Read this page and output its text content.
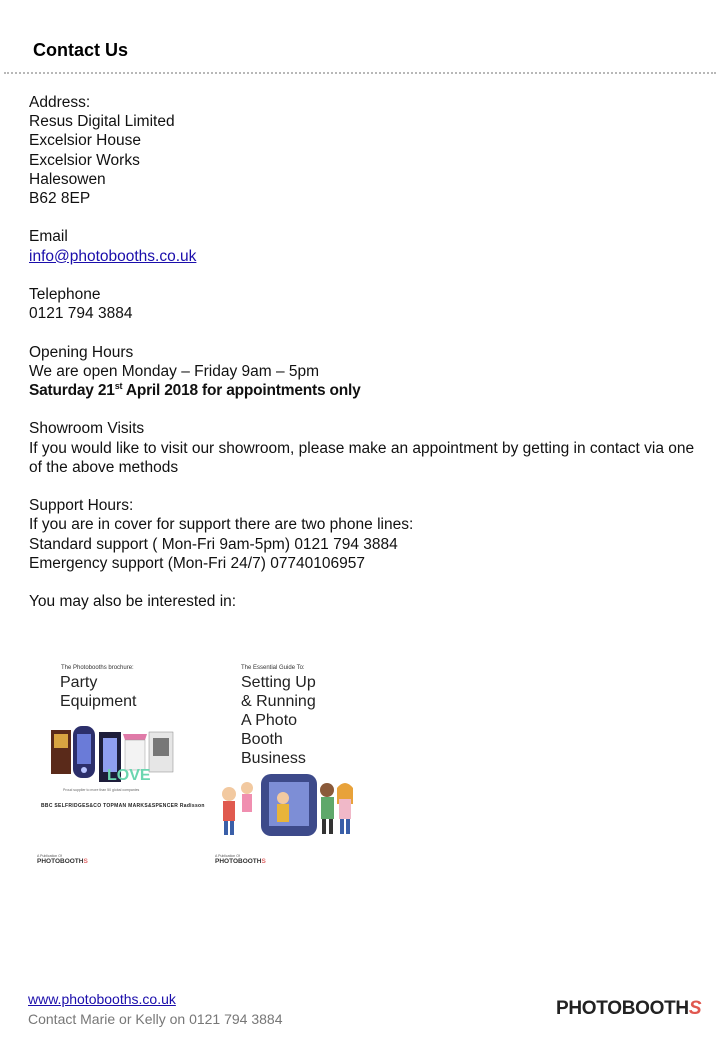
Contact Us
Address:
Resus Digital Limited
Excelsior House
Excelsior Works
Halesowen
B62 8EP
Email
info@photobooths.co.uk
Telephone
0121 794 3884
Opening Hours
We are open Monday – Friday 9am – 5pm
Saturday 21st April 2018 for appointments only
Showroom Visits
If you would like to visit our showroom, please make an appointment by getting in contact via one of the above methods
Support Hours:
If you are in cover for support there are two phone lines:
Standard support ( Mon-Fri 9am-5pm) 0121 794 3884
Emergency support (Mon-Fri 24/7) 07740106957
You may also be interested in:
The Photobooths brochure:
Party
Equipment
LOVE
Proud supplier to more than 50 global companies
BBC SELFRIDGES&CO TOPMAN MARKS&SPENCER Radisson
A Publication Of
PHOTOBOOTHS
The Essential Guide To:
Setting Up
& Running
A Photo
Booth
Business
A Publication Of
PHOTOBOOTHS
www.photobooths.co.uk
Contact Marie or Kelly on 0121 794 3884	PHOTOBOOTHS
